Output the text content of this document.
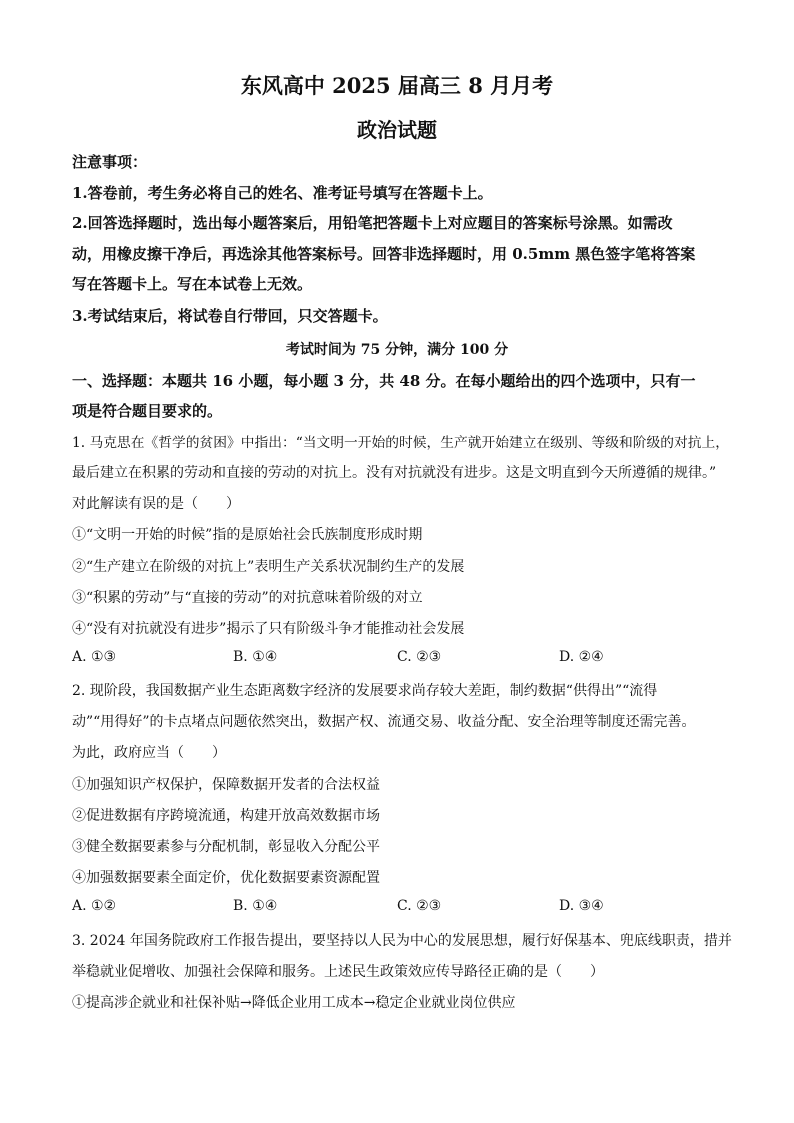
东风高中 2025 届高三 8 月月考
政治试题
注意事项：
1.答卷前，考生务必将自己的姓名、准考证号填写在答题卡上。
2.回答选择题时，选出每小题答案后，用铅笔把答题卡上对应题目的答案标号涂黑。如需改
动，用橡皮擦干净后，再选涂其他答案标号。回答非选择题时，用 0.5mm 黑色签字笔将答案
写在答题卡上。写在本试卷上无效。
3.考试结束后，将试卷自行带回，只交答题卡。
考试时间为 75 分钟，满分 100 分
一、选择题：本题共 16 小题，每小题 3 分，共 48 分。在每小题给出的四个选项中，只有一
项是符合题目要求的。
1. 马克思在《哲学的贫困》中指出：“当文明一开始的时候，生产就开始建立在级别、等级和阶级的对抗上，
最后建立在积累的劳动和直接的劳动的对抗上。没有对抗就没有进步。这是文明直到今天所遵循的规律。”
对此解读有误的是（　　）
①“文明一开始的时候”指的是原始社会氏族制度形成时期
②“生产建立在阶级的对抗上”表明生产关系状况制约生产的发展
③“积累的劳动”与“直接的劳动”的对抗意味着阶级的对立
④“没有对抗就没有进步”揭示了只有阶级斗争才能推动社会发展
A. ①③	B. ①④	C. ②③	D. ②④
2. 现阶段，我国数据产业生态距离数字经济的发展要求尚存较大差距，制约数据“供得出”“流得
动”“用得好”的卡点堵点问题依然突出，数据产权、流通交易、收益分配、安全治理等制度还需完善。
为此，政府应当（　　）
①加强知识产权保护，保障数据开发者的合法权益
②促进数据有序跨境流通，构建开放高效数据市场
③健全数据要素参与分配机制，彰显收入分配公平
④加强数据要素全面定价，优化数据要素资源配置
A. ①②	B. ①④	C. ②③	D. ③④
3. 2024 年国务院政府工作报告提出，要坚持以人民为中心的发展思想，履行好保基本、兜底线职责，措并
举稳就业促增收、加强社会保障和服务。上述民生政策效应传导路径正确的是（　　）
①提高涉企就业和社保补贴→降低企业用工成本→稳定企业就业岗位供应
